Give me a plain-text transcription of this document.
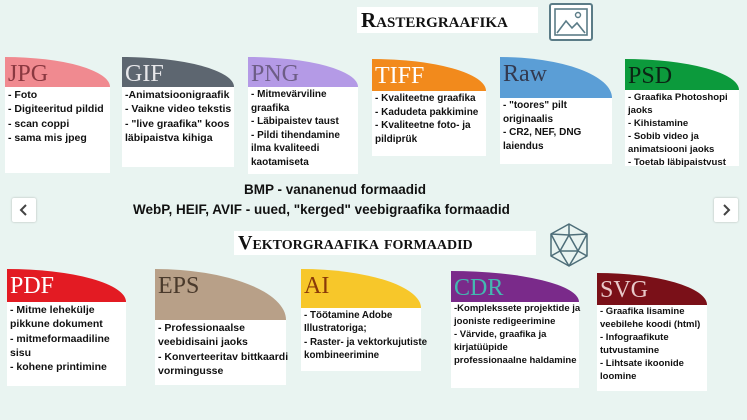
Rastergraafika
JPG
- Foto
- Digiteeritud pildid
- scan coppi
- sama mis jpeg
GIF
-Animatsioonigraafik
- Vaikne video tekstis
- "live graafika" koos
läbipaistva kihiga
PNG
- Mitmevärviline
graafika
- Läbipaistev taust
- Pildi tihendamine
ilma kvaliteedi
kaotamiseta
TIFF
- Kvaliteetne graafika
- Kadudeta pakkimine
- Kvaliteetne foto- ja
pildiprük
Raw
- "toores" pilt
originaalis
- CR2, NEF, DNG
laiendus
PSD
- Graafika Photoshopi
jaoks
- Kihistamine
- Sobib video ja
animatsiooni jaoks
- Toetab läbipaistvust
BMP - vananenud formaadid
WebP, HEIF, AVIF - uued, "kerged" veebigraafika formaadid
Vektorgraafika formaadid
PDF
- Mitme lehekülje
pikkune dokument
- mitmeformaadiline
sisu
- kohene printimine
EPS
- Professionaalse
veebidisaini jaoks
- Konverteeritav bittkaardi
vormingusse
AI
- Töötamine Adobe
Illustratoriga;
- Raster- ja vektorkujutiste
kombineerimine
CDR
-Komplekssete projektide ja
jooniste redigeerimine
- Värvide, graafika ja
kirjatüüpide
professionaalne haldamine
SVG
- Graafika lisamine
veebilehe koodi (html)
- Infograafikute
tutvustamine
- Lihtsate ikoonide
loomine
